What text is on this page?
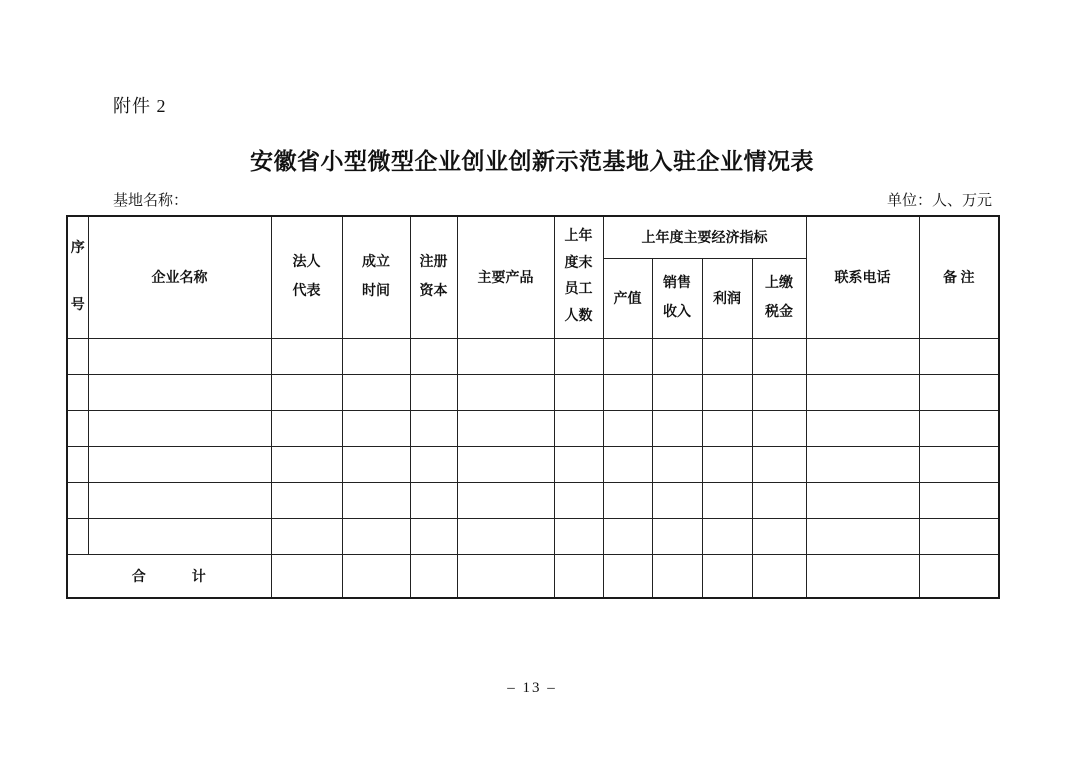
附件 2
安徽省小型微型企业创业创新示范基地入驻企业情况表
基地名称：	单位：人、万元
序号	企业名称	法人代表	成立时间	注册资本	主要产品	上年度末员工人数	上年度主要经济指标				联系电话	备 注
							产值	销售收入	利润	上缴税金		

合　　　计												
– 13 –
